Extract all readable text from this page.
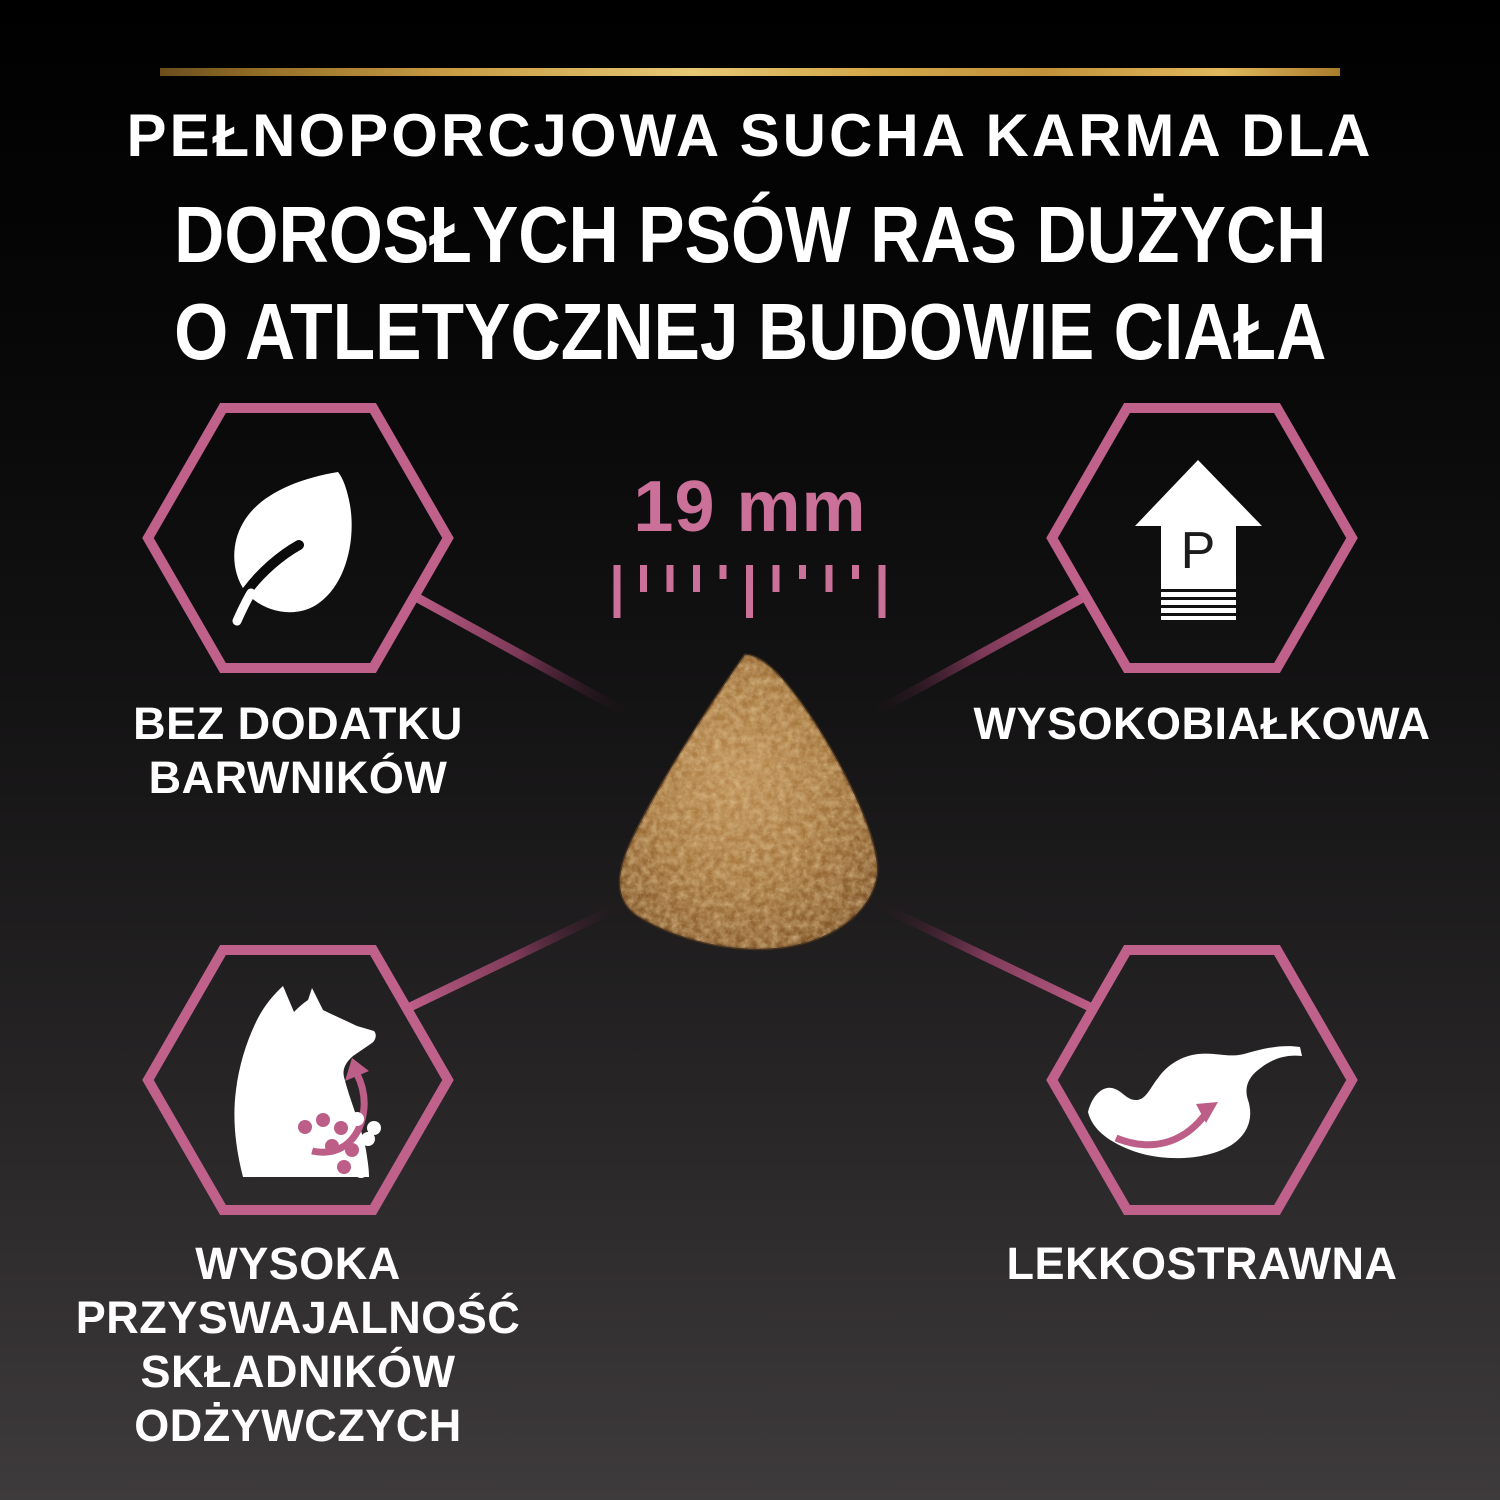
PEŁNOPORCJOWA SUCHA KARMA DLA
DOROSŁYCH PSÓW RAS DUŻYCH
O ATLETYCZNEJ BUDOWIE CIAŁA
19 mm
P
BEZ DODATKU
BARWNIKÓW
WYSOKOBIAŁKOWA
WYSOKA
PRZYSWAJALNOŚĆ
SKŁADNIKÓW
ODŻYWCZYCH
LEKKOSTRAWNA
